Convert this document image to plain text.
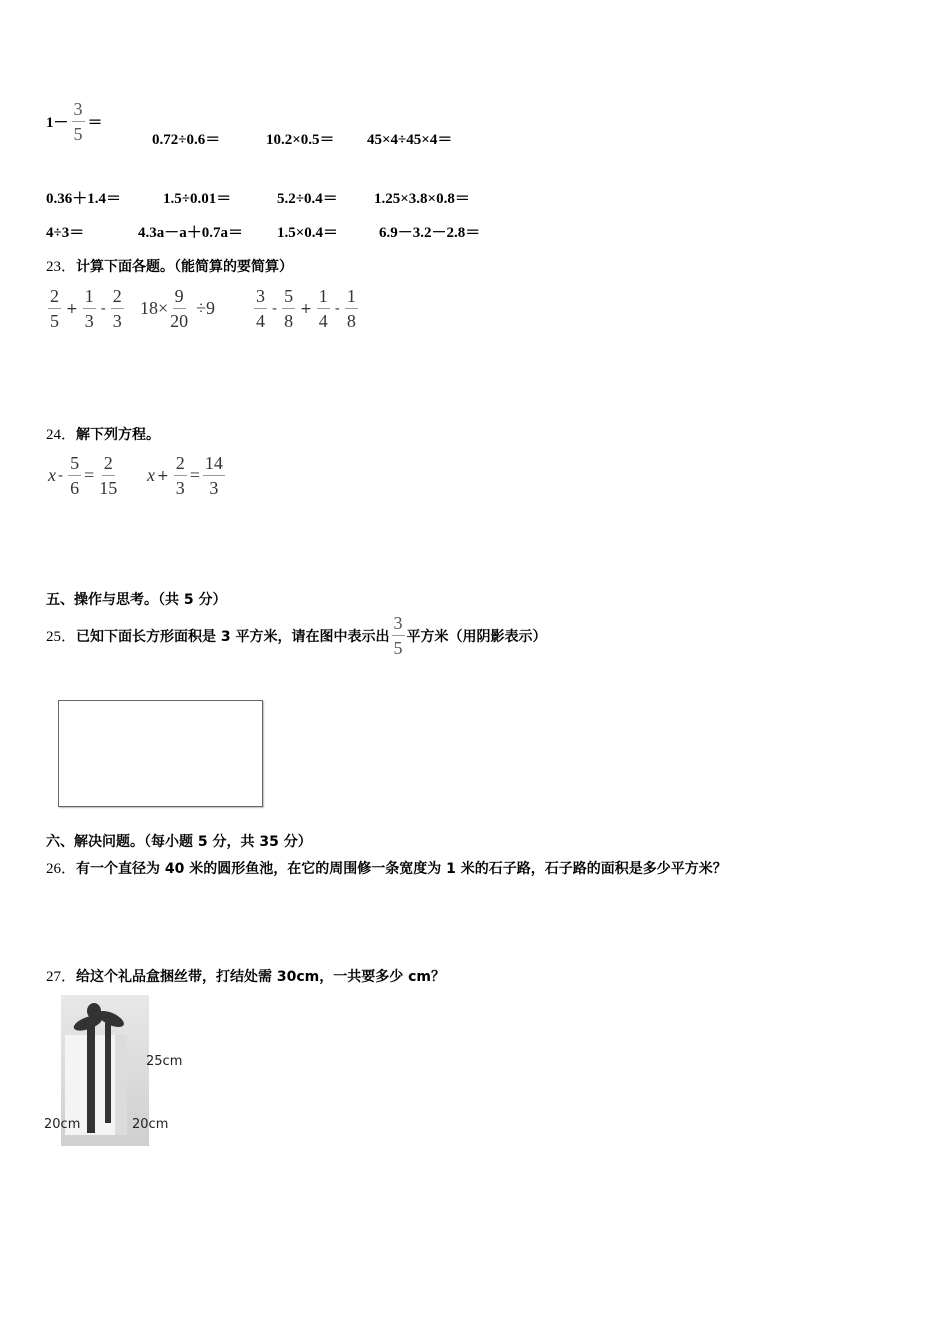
$1- \frac{3}{5}$ ＝
0.72÷0.6＝	10.2×0.5＝ 45×4÷45×4＝
0.36＋1.4＝	1.5÷0.01＝	5.2÷0.4＝ 1.25×3.8×0.8＝
4÷3＝	4.3a－a＋0.7a＝ 1.5×0.4＝	6.9－3.2－2.8＝
23．计算下面各题。（能简算的要简算）
$\frac{2}{5} + \frac{1}{3} - \frac{2}{3} 18\times \frac{9}{20} \div 9 \frac{3}{4} - \frac{5}{8} + \frac{1}{4} - \frac{1}{8}$
24．解下列方程。
$x - \frac{5}{6} = \frac{2}{15}$ $x + \frac{2}{3} = \frac{14}{3}$
五、操作与思考。（共 5 分）
25． 已知下面长方形面积是 3 平方米，请在图中表示出 $\frac{3}{5}$ 平方米（用阴影表示）
六、解决问题。（每小题 5 分，共 35 分）
26．有一个直径为 40 米的圆形鱼池，在它的周围修一条宽度为 1 米的石子路，石子路的面积是多少平方米？
27．给这个礼品盒捆丝带，打结处需 30cm，一共要多少 cm？
25cm
20cm	20cm
